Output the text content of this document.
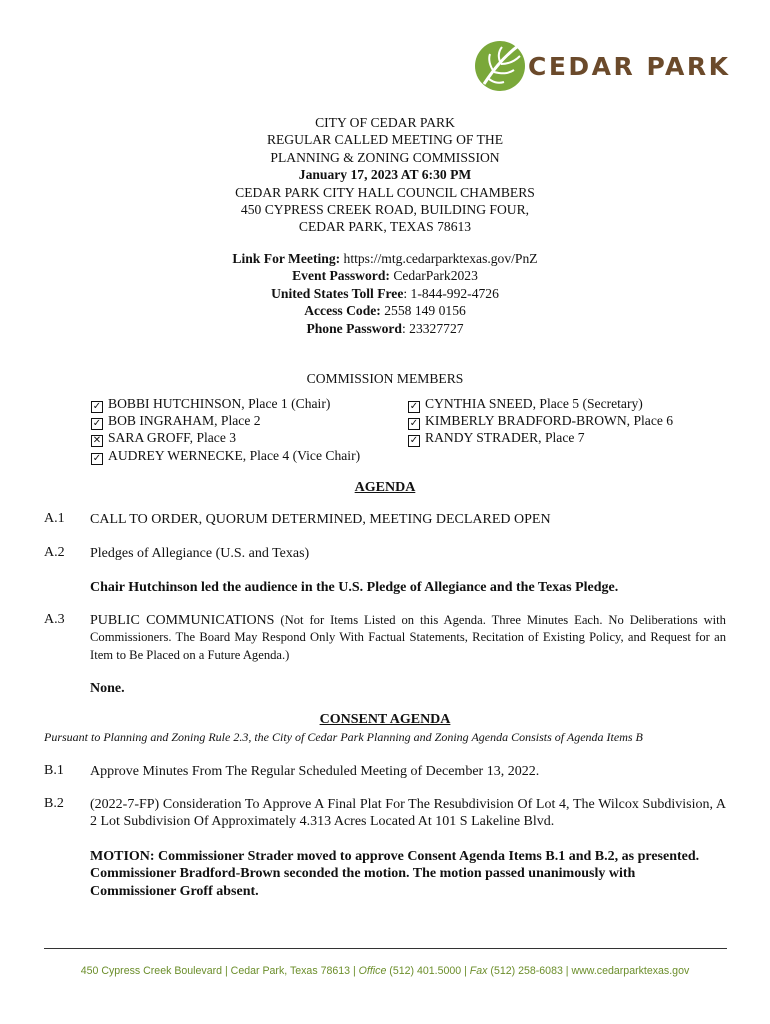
CEDAR PARK
CITY OF CEDAR PARK
REGULAR CALLED MEETING OF THE
PLANNING & ZONING COMMISSION
January 17, 2023 AT 6:30 PM
CEDAR PARK CITY HALL COUNCIL CHAMBERS
450 CYPRESS CREEK ROAD, BUILDING FOUR,
CEDAR PARK, TEXAS 78613
Link For Meeting: https://mtg.cedarparktexas.gov/PnZ
Event Password: CedarPark2023
United States Toll Free: 1-844-992-4726
Access Code: 2558 149 0156
Phone Password: 23327727
COMMISSION MEMBERS
✓ BOBBI HUTCHINSON, Place 1 (Chair)
✓ BOB INGRAHAM, Place 2
✕ SARA GROFF, Place 3
✓ AUDREY WERNECKE, Place 4 (Vice Chair)
✓ CYNTHIA SNEED, Place 5 (Secretary)
✓ KIMBERLY BRADFORD-BROWN, Place 6
✓ RANDY STRADER, Place 7
AGENDA
A.1 CALL TO ORDER, QUORUM DETERMINED, MEETING DECLARED OPEN
A.2 Pledges of Allegiance (U.S. and Texas)
Chair Hutchinson led the audience in the U.S. Pledge of Allegiance and the Texas Pledge.
A.3 PUBLIC COMMUNICATIONS (Not for Items Listed on this Agenda. Three Minutes Each. No Deliberations with Commissioners. The Board May Respond Only With Factual Statements, Recitation of Existing Policy, and Request for an Item to Be Placed on a Future Agenda.)
None.
CONSENT AGENDA
Pursuant to Planning and Zoning Rule 2.3, the City of Cedar Park Planning and Zoning Agenda Consists of Agenda Items B
B.1 Approve Minutes From The Regular Scheduled Meeting of December 13, 2022.
B.2 (2022-7-FP) Consideration To Approve A Final Plat For The Resubdivision Of Lot 4, The Wilcox Subdivision, A 2 Lot Subdivision Of Approximately 4.313 Acres Located At 101 S Lakeline Blvd.
MOTION: Commissioner Strader moved to approve Consent Agenda Items B.1 and B.2, as presented. Commissioner Bradford-Brown seconded the motion. The motion passed unanimously with Commissioner Groff absent.
450 Cypress Creek Boulevard | Cedar Park, Texas 78613 | Office (512) 401.5000 | Fax (512) 258-6083 | www.cedarparktexas.gov
